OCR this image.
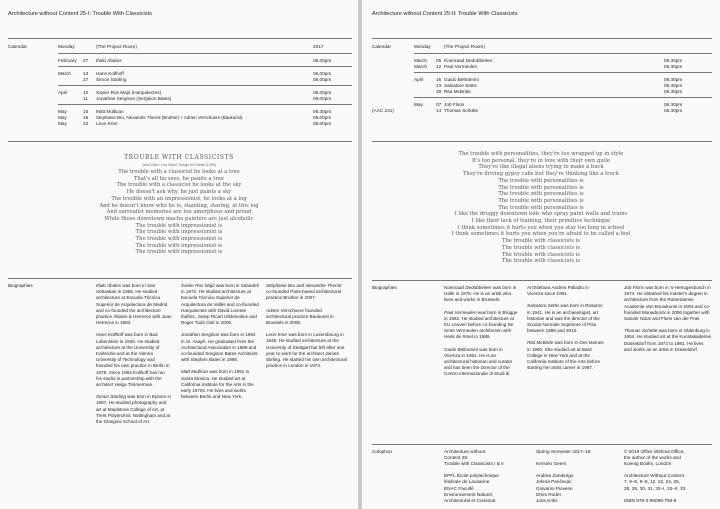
Architecture without Content 25-I: Trouble With Classicists
Calendar	Monday	(The Project Room)	2017
February 27 Iñaki Ábalos	06.00pm
March	13 Hans Kollhoff	06.00pm
27 Simon Starling	06.00pm
April	10 Xavier Ros Majó (Harquitectes)	06.00pm
11 Jonathan Sergison (Sergison Bates)	06.00pm
May	15 Matt Mullican	06.30pm
May	16 Stephanie Bru, Alexandre Theriot (Bruther) + Adrien Verschuere (Baukunst)	06.00pm
May	22 Leon Krier	06.00pm
TROUBLE WITH CLASSICISTS
John Cale / Lou Reed, Songs for Drella (1990)
The trouble with a classicist he looks at a tree
That's all he sees, he paints a tree
The trouble with a classicist he looks at the sky
He doesn't ask why, he just paints a sky
The trouble with an impressionist, he looks at a log
And he doesn't know who he is, standing, staring, at this log
And surrealist memories are too amorphous and proud
While those downtown macho painters are just alcoholic
The trouble with impressionist is
The trouble with impressionist is
The trouble with impressionist is
The trouble with impressionist is
The trouble with impressionist is
Biographies	Iñaki Ábalos was born in San Sebastian in 1956. He studied architecture at Escuela Técnica Superior de Arquitectura de Madrid and co-founded the architecture practice Ábalos & Herreros with Juan Herreros in 1984.

Hans Kollhoff was born in Bad Lobenstein in 1946. He studied architecture at the University of Karlsruhe and at the Vienna University of Technology and founded his own practice in Berlin in 1978. Since 1984 Kollhoff has run his studio in partnership with the architect Helga Timmerman.

Simon Starling was born in Epsom in 1967. He studied photography and art at Maidstone College of Art, at Trent Polytechnic Nottingham and at the Glasgow School of Art.

Xavier Ros Majó was born in Sabadell in 1972. He studied architecture at Escuela Técnica Superior de Arquitectura de Vallès and co-founded Harquitectes with David Lorente Ibáñez, Josep Ricart Ulldemolins and Roger Tudó Galí in 2000.

Jonathan Sergison was born in 1964 in St. Asaph. He graduated from the Architectural Association in 1989 and co-founded Sergison Bates Architects with Stephen Bates in 1996.

Matt Mullican was born in 1951 in Santa Monica. He studied art at California Institute for the Arts in the early 1970s. He lives and works between Berlin and New York.

Stéphanie Bru and Alexandre Theriot co-founded Paris-based architectural practice Bruther in 2007.

Adrien Verschuere founded architectural practice Baukunst in Brussels in 2008.

Leon Krier was born in Luxembourg in 1946. He studied architecture at the University of Stuttgart but left after one year to work for the architect James Stirling. He started his own architectural practice in London in 1974.

Architecture without Content 25-II: Trouble With Classicists
Calendar	Monday	(The Project Room)
March 05 Koenraad Dedobbeleer	06.30pm
March 12 Paul Vermeulen	06.30pm
April	16 Guido Beltramini	06.30pm
23 Salvatore Settis	06.30pm
30 Rita McBride	06.30pm
(AAC 231)
May	07 Job Floris	06.30pm
14 Thomas Schütte	06.30pm
The trouble with personalities, they're too wrapped up in style
It's too personal, they're in love with their own guile
They're like illegal aliens trying to make a buck
They're driving gypsy cabs but they're thinking like a truck
The trouble with personalities is
The trouble with personalities is
The trouble with personalities is
The trouble with personalities is
The trouble with personalities is
I like the druggy downtown kids who spray paint walls and trains
I like their lack of training, their primitive technique
I think sometimes it hurts you when you stay too long in school
I think sometimes it hurts you when you're afraid to be called a fool
The trouble with classicists is
The trouble with classicists is
The trouble with classicists is
The trouble with classicists is
Biographies	Koenraad Dedobbeleer was born in Halle in 1975. He is an artist who lives and works in Brussels.

Paul Vermeulen was born in Brugge in 1962. He studied architecture at KU Leuven before co-founding De Smet Vermeulen architecten with Henk de Smet in 1989.

Guido Beltramini was born in Vicenza in 1961. He is an architectural historian and curator and has been the Director of the Centro Internazionale di Studi di

Architettura Andrea Palladio in Vicenza since 1991.

Salvatore Settis was born in Rosarno in 1941. He is an archaeologist, art historian and was the director of the Scuola Normale Superiore of Pisa between 1999 and 2010.

Rita McBride was born in Des Moines in 1960. She studied art at Bard College in New York and at the California Institute of the Arts before starting her artist career in 1987.

Job Floris was born in 's-Hertogenbosch in 1974. He obtained his master's degree in architecture from the Rotterdamse Academie Van Bouwkunst in 2004 and co-founded Monadnock in 2006 together with Sander Naus and Floris van der Poel.

Thomas Schütte was born in Oldenburg in 1954. He studied art at the Kunstakademie Düsseldorf from 1973 to 1981. He lives and works as an artist in Düsseldorf.

Colophon	Architecture without
Content 25:
Trouble with Classicists I & II
EPFL École polytechnique
fédérale de Lausanne
ENAC Faculté
Environnement Naturel,
Architectural et Construit
Spring Semester 2017–18
Kersten Geers
Andrea Zanderigo
Jelena Pančevac
Giovanni Piovene
Dries Rodet
Joris Kritis
© 2019 Office Without Office,
the author of the works and
Koenig Books, London
Architecture Without Content
7, 9–8, 9–8, 12, 22, 24, 25,
28, 29, 30, 31, 32–I, 32–II, 33.
ISBN 978-3-96098-750-8
